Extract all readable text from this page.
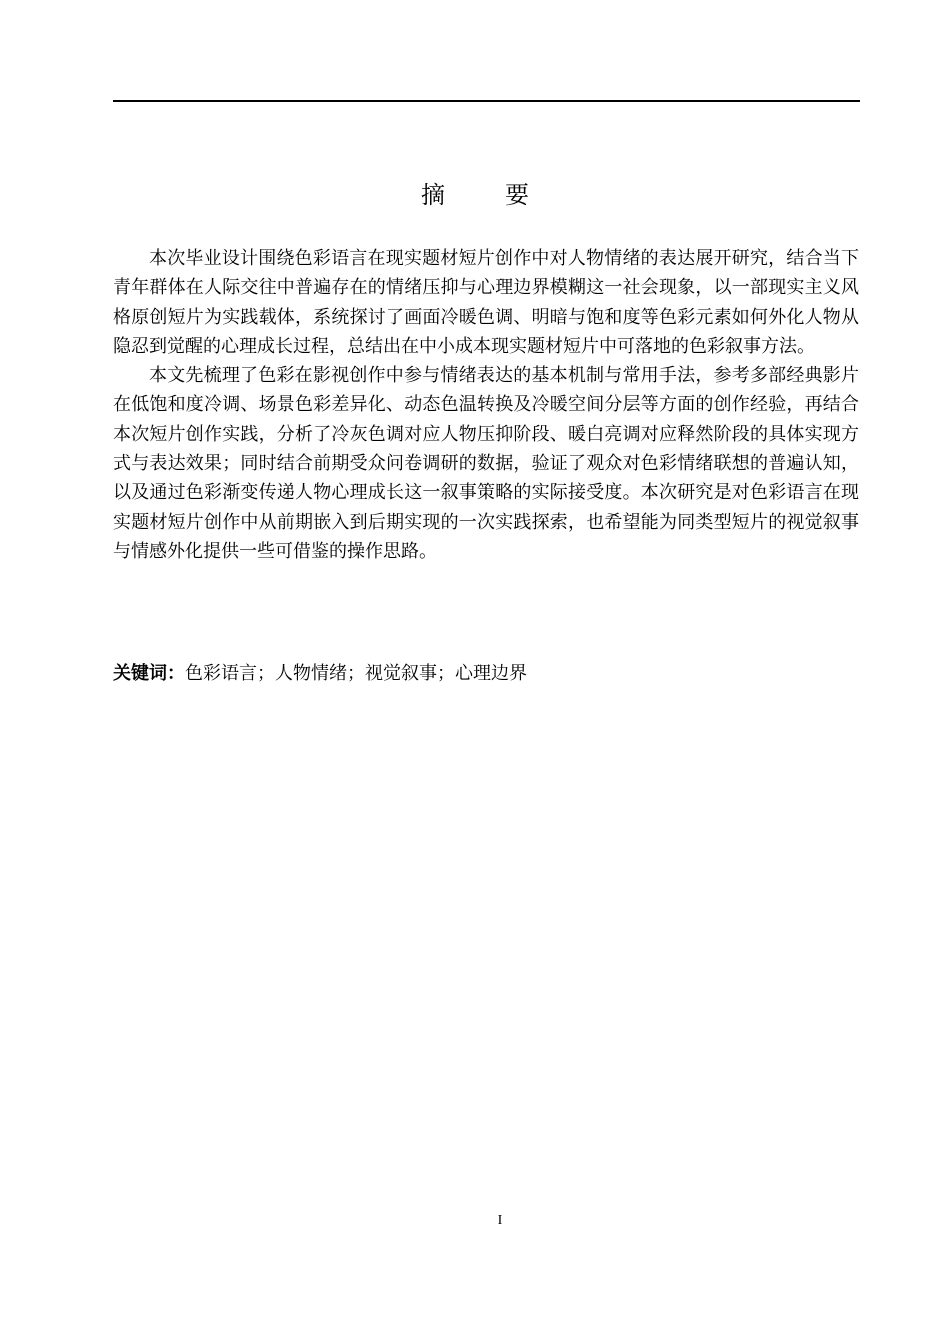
摘　要

本次毕业设计围绕色彩语言在现实题材短片创作中对人物情绪的表达展开研究，结合当下青年群体在人际交往中普遍存在的情绪压抑与心理边界模糊这一社会现象，以一部现实主义风格原创短片为实践载体，系统探讨了画面冷暖色调、明暗与饱和度等色彩元素如何外化人物从隐忍到觉醒的心理成长过程，总结出在中小成本现实题材短片中可落地的色彩叙事方法。

本文先梳理了色彩在影视创作中参与情绪表达的基本机制与常用手法，参考多部经典影片在低饱和度冷调、场景色彩差异化、动态色温转换及冷暖空间分层等方面的创作经验，再结合本次短片创作实践，分析了冷灰色调对应人物压抑阶段、暖白亮调对应释然阶段的具体实现方式与表达效果；同时结合前期受众问卷调研的数据，验证了观众对色彩情绪联想的普遍认知，以及通过色彩渐变传递人物心理成长这一叙事策略的实际接受度。本次研究是对色彩语言在现实题材短片创作中从前期嵌入到后期实现的一次实践探索，也希望能为同类型短片的视觉叙事与情感外化提供一些可借鉴的操作思路。

关键词：色彩语言；人物情绪；视觉叙事；心理边界
I
